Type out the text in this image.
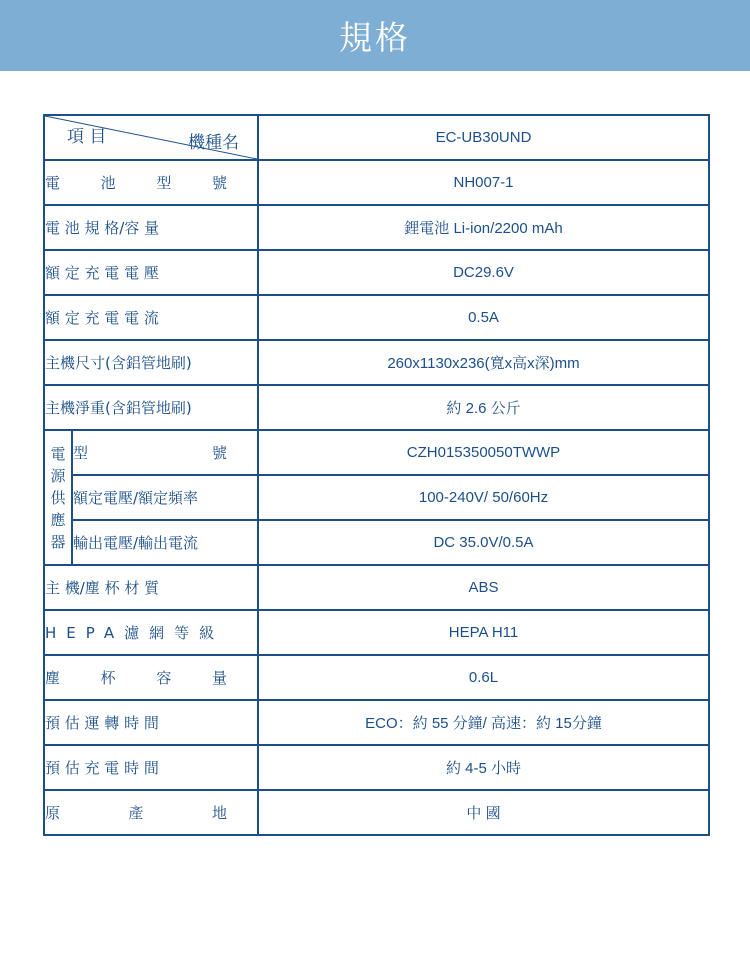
規格
機種名
項 目		EC-UB30UND

電 池 型 號		NH007-1
電 池 規 格/容 量		鋰電池 Li-ion/2200 mAh
額 定 充 電 電 壓		DC29.6V
額 定 充 電 電 流		0.5A
主機尺寸(含鋁管地刷)		260x1130x236(寬x高x深)mm
主機淨重(含鋁管地刷)		約 2.6 公斤

電
源
供
應
器	型 號	CZH015350050TWWP
	額定電壓/額定頻率	100-240V/ 50/60Hz
	輸出電壓/輸出電流	DC 35.0V/0.5A
主 機/塵 杯 材 質		ABS
HEPA濾網等級		HEPA H11

塵 杯 容 量		0.6L
預 估 運 轉 時 間		ECO：約 55 分鐘/ 高速：約 15分鐘
預 估 充 電 時 間		約 4-5 小時

原 產 地		中 國
